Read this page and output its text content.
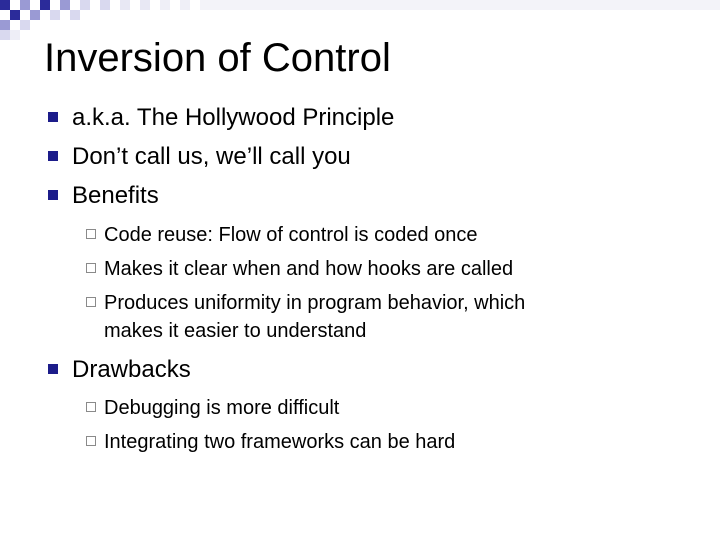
Inversion of Control
a.k.a. The Hollywood Principle
Don’t call us, we’ll call you
Benefits
Code reuse: Flow of control is coded once
Makes it clear when and how hooks are called
Produces uniformity in program behavior, which
makes it easier to understand
Drawbacks
Debugging is more difficult
Integrating two frameworks can be hard
